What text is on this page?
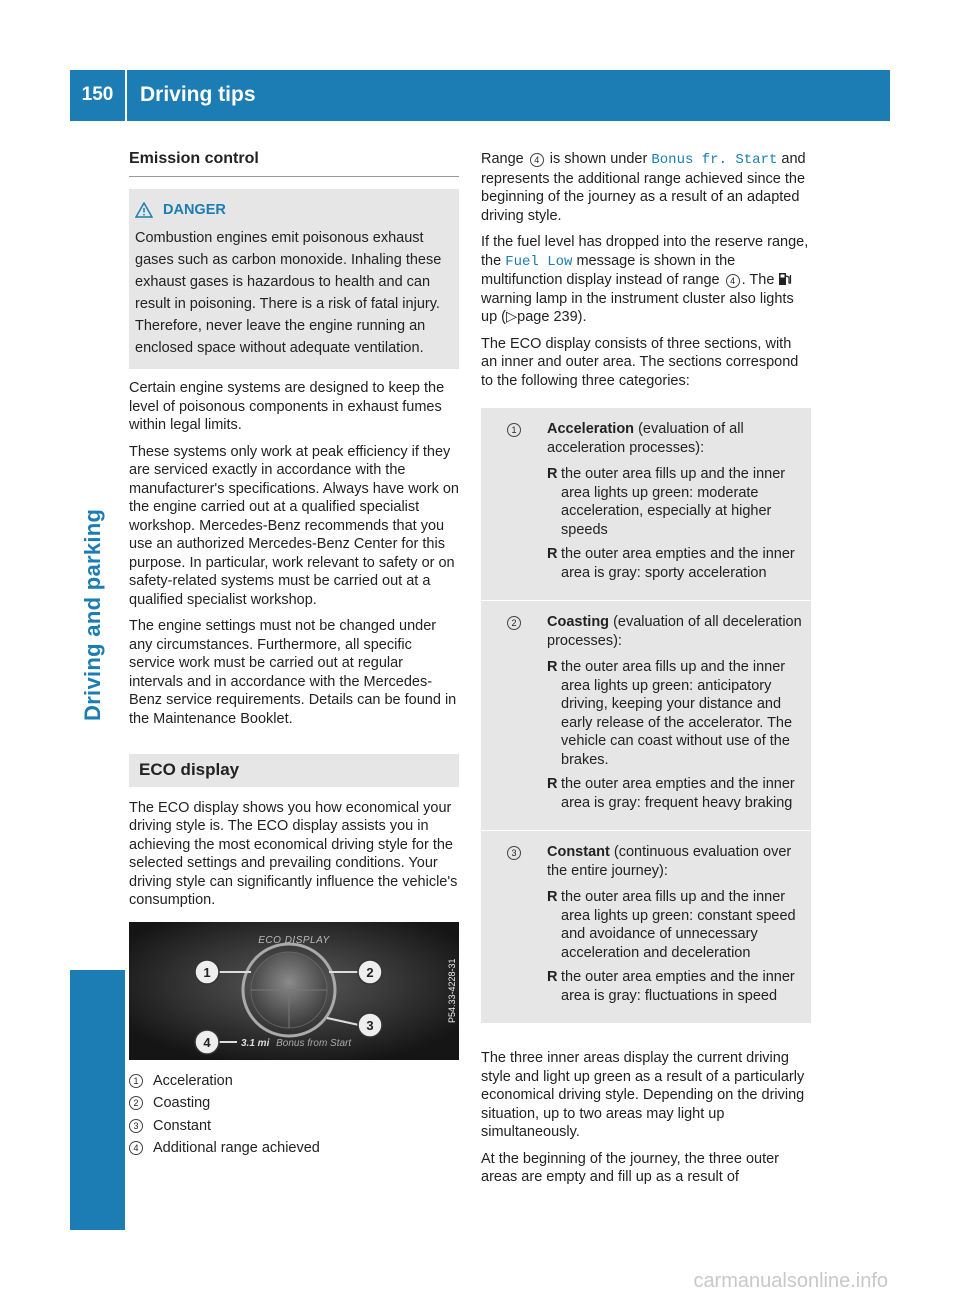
150	Driving tips
Driving and parking
Emission control
DANGER
Combustion engines emit poisonous exhaust gases such as carbon monoxide. Inhaling these exhaust gases is hazardous to health and can result in poisoning. There is a risk of fatal injury. Therefore, never leave the engine running an enclosed space without adequate ventilation.

Certain engine systems are designed to keep the level of poisonous components in exhaust fumes within legal limits.

These systems only work at peak efficiency if they are serviced exactly in accordance with the manufacturer's specifications. Always have work on the engine carried out at a qualified specialist workshop. Mercedes-Benz recommends that you use an authorized Mercedes-Benz Center for this purpose. In particular, work relevant to safety or on safety-related systems must be carried out at a qualified specialist workshop.

The engine settings must not be changed under any circumstances. Furthermore, all specific service work must be carried out at regular intervals and in accordance with the Mercedes-Benz service requirements. Details can be found in the Maintenance Booklet.

ECO display

The ECO display shows you how economical your driving style is. The ECO display assists you in achieving the most economical driving style for the selected settings and prevailing conditions. Your driving style can significantly influence the vehicle's consumption.

ECO DISPLAY
1	2
3
4	3.1 mi Bonus from Start
P54.33-4228-31
1	Acceleration
2	Coasting
3	Constant
4	Additional range achieved

Range 4 is shown under Bonus fr. Start and represents the additional range achieved since the beginning of the journey as a result of an adapted driving style.

If the fuel level has dropped into the reserve range, the Fuel Low message is shown in the multifunction display instead of range 4 . The  warning lamp in the instrument cluster also lights up (▷page 239).

The ECO display consists of three sections, with an inner and outer area. The sections correspond to the following three categories:

1	Acceleration (evaluation of all acceleration processes):
R the outer area fills up and the inner area lights up green: moderate acceleration, especially at higher speeds
R the outer area empties and the inner area is gray: sporty acceleration
2	Coasting (evaluation of all deceleration processes):
R the outer area fills up and the inner area lights up green: anticipatory driving, keeping your distance and early release of the accelerator. The vehicle can coast without use of the brakes.
R the outer area empties and the inner area is gray: frequent heavy braking
3	Constant (continuous evaluation over the entire journey):
R the outer area fills up and the inner area lights up green: constant speed and avoidance of unnecessary acceleration and deceleration
R the outer area empties and the inner area is gray: fluctuations in speed

The three inner areas display the current driving style and light up green as a result of a particularly economical driving style. Depending on the driving situation, up to two areas may light up simultaneously.

At the beginning of the journey, the three outer areas are empty and fill up as a result of

carmanualsonline.info
